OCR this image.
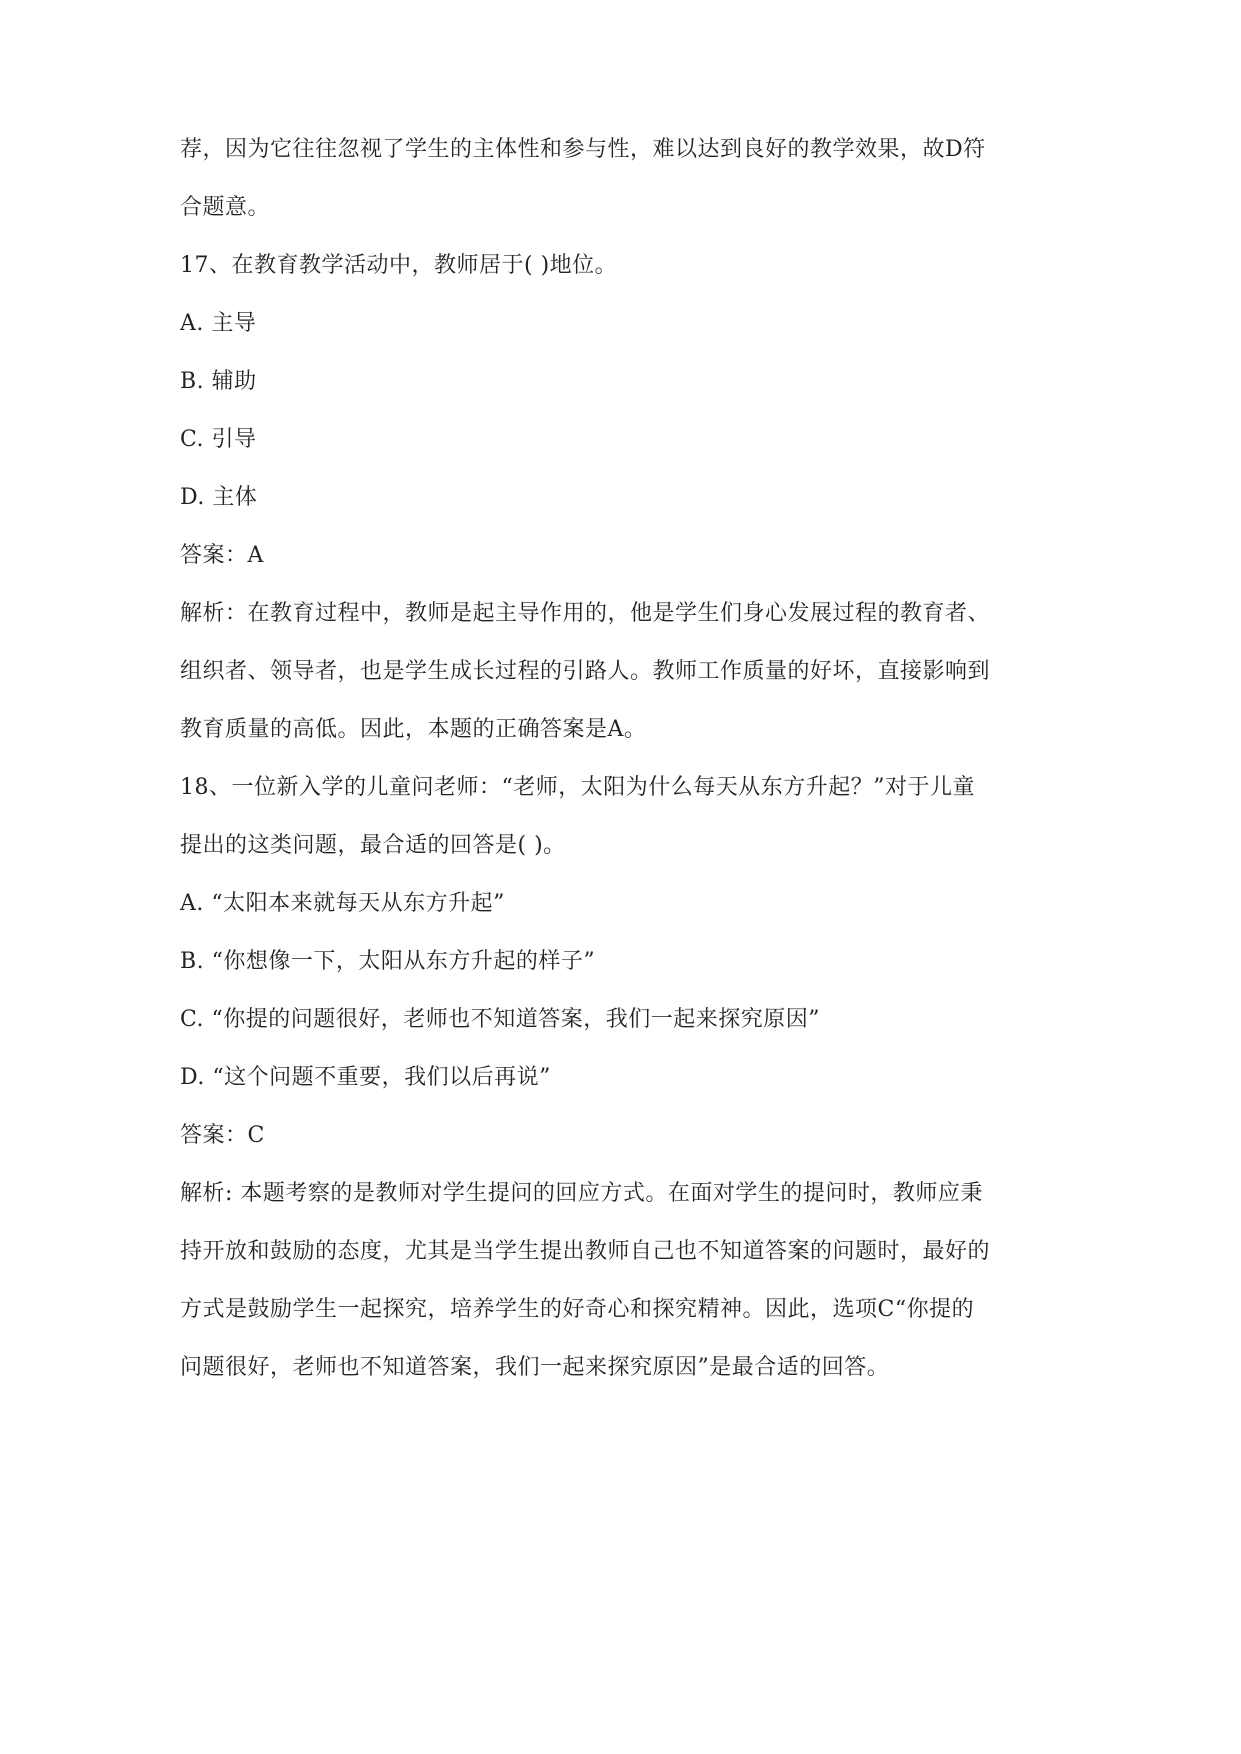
荐，因为它往往忽视了学生的主体性和参与性，难以达到良好的教学效果，故D符
合题意。
17、在教育教学活动中，教师居于( )地位。
A. 主导
B. 辅助
C. 引导
D. 主体
答案：A
解析：在教育过程中，教师是起主导作用的，他是学生们身心发展过程的教育者、
组织者、领导者，也是学生成长过程的引路人。教师工作质量的好坏，直接影响到
教育质量的高低。因此，本题的正确答案是A。
18、一位新入学的儿童问老师：“老师，太阳为什么每天从东方升起？”对于儿童
提出的这类问题，最合适的回答是( )。
A. “太阳本来就每天从东方升起”
B. “你想像一下，太阳从东方升起的样子”
C. “你提的问题很好，老师也不知道答案，我们一起来探究原因”
D. “这个问题不重要，我们以后再说”
答案：C
解析: 本题考察的是教师对学生提问的回应方式。在面对学生的提问时，教师应秉
持开放和鼓励的态度，尤其是当学生提出教师自己也不知道答案的问题时，最好的
方式是鼓励学生一起探究，培养学生的好奇心和探究精神。因此，选项C“你提的
问题很好，老师也不知道答案，我们一起来探究原因”是最合适的回答。
